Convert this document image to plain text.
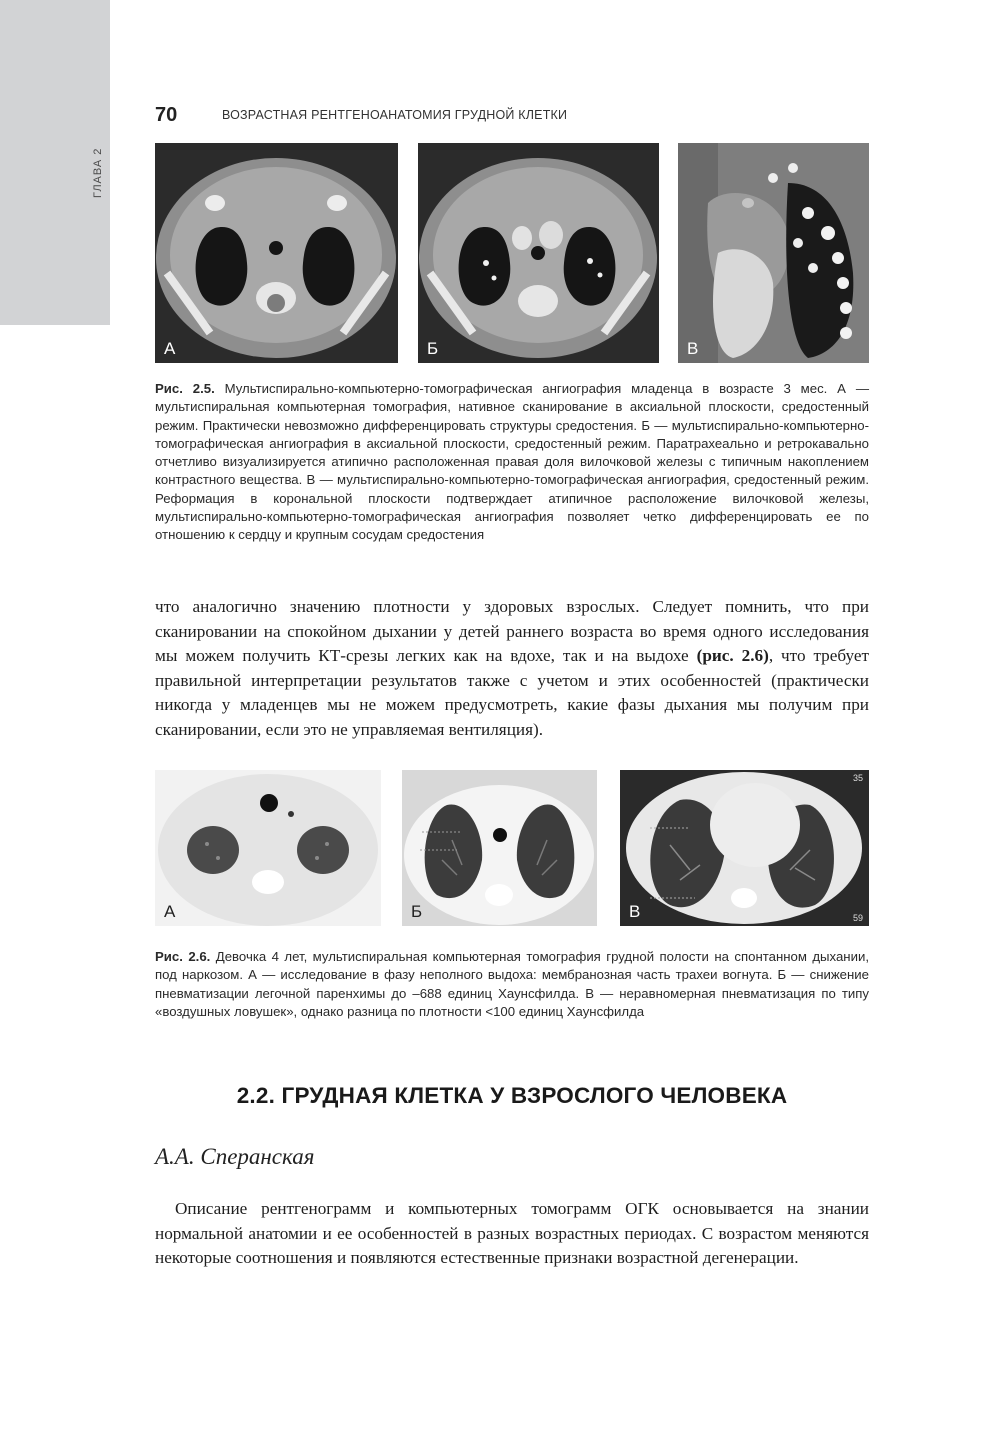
ГЛАВА 2
70	ВОЗРАСТНАЯ РЕНТГЕНОАНАТОМИЯ ГРУДНОЙ КЛЕТКИ
А	Б	В

Рис. 2.5. Мультиспирально-компьютерно-томографическая ангиография младенца в возрасте 3 мес. А — мультиспиральная компьютерная томография, нативное сканирование в аксиальной плоскости, средостенный режим. Практически невозможно дифференцировать структуры средостения. Б — мультиспирально-компьютерно-томографическая ангиография в аксиальной плоскости, средостенный режим. Паратрахеально и ретрокавально отчетливо визуализируется атипично расположенная правая доля вилочковой железы с типичным накоплением контрастного вещества. В — мультиспирально-компьютерно-томографическая ангиография, средостенный режим. Реформация в корональной плоскости подтверждает атипичное расположение вилочковой железы, мультиспирально-компьютерно-томографическая ангиография позволяет четко дифференцировать ее по отношению к сердцу и крупным сосудам средостения

что аналогично значению плотности у здоровых взрослых. Следует помнить, что при сканировании на спокойном дыхании у детей раннего возраста во время одного исследования мы можем получить КТ-срезы легких как на вдохе, так и на выдохе (рис. 2.6), что требует правильной интерпретации результатов также с учетом и этих особенностей (практически никогда у младенцев мы не можем предусмотреть, какие фазы дыхания мы получим при сканировании, если это не управляемая вентиляция).

А	Б	В
35
59

Рис. 2.6. Девочка 4 лет, мультиспиральная компьютерная томография грудной полости на спонтанном дыхании, под наркозом. А — исследование в фазу неполного выдоха: мембранозная часть трахеи вогнута. Б — снижение пневматизации легочной паренхимы до –688 единиц Хаунсфилда. В — неравномерная пневматизация по типу «воздушных ловушек», однако разница по плотности <100 единиц Хаунсфилда

2.2. ГРУДНАЯ КЛЕТКА У ВЗРОСЛОГО ЧЕЛОВЕКА

А.А. Сперанская

Описание рентгенограмм и компьютерных томограмм ОГК основывается на знании нормальной анатомии и ее особенностей в разных возрастных периодах. С возрастом меняются некоторые соотношения и появляются естественные признаки возрастной дегенерации.
